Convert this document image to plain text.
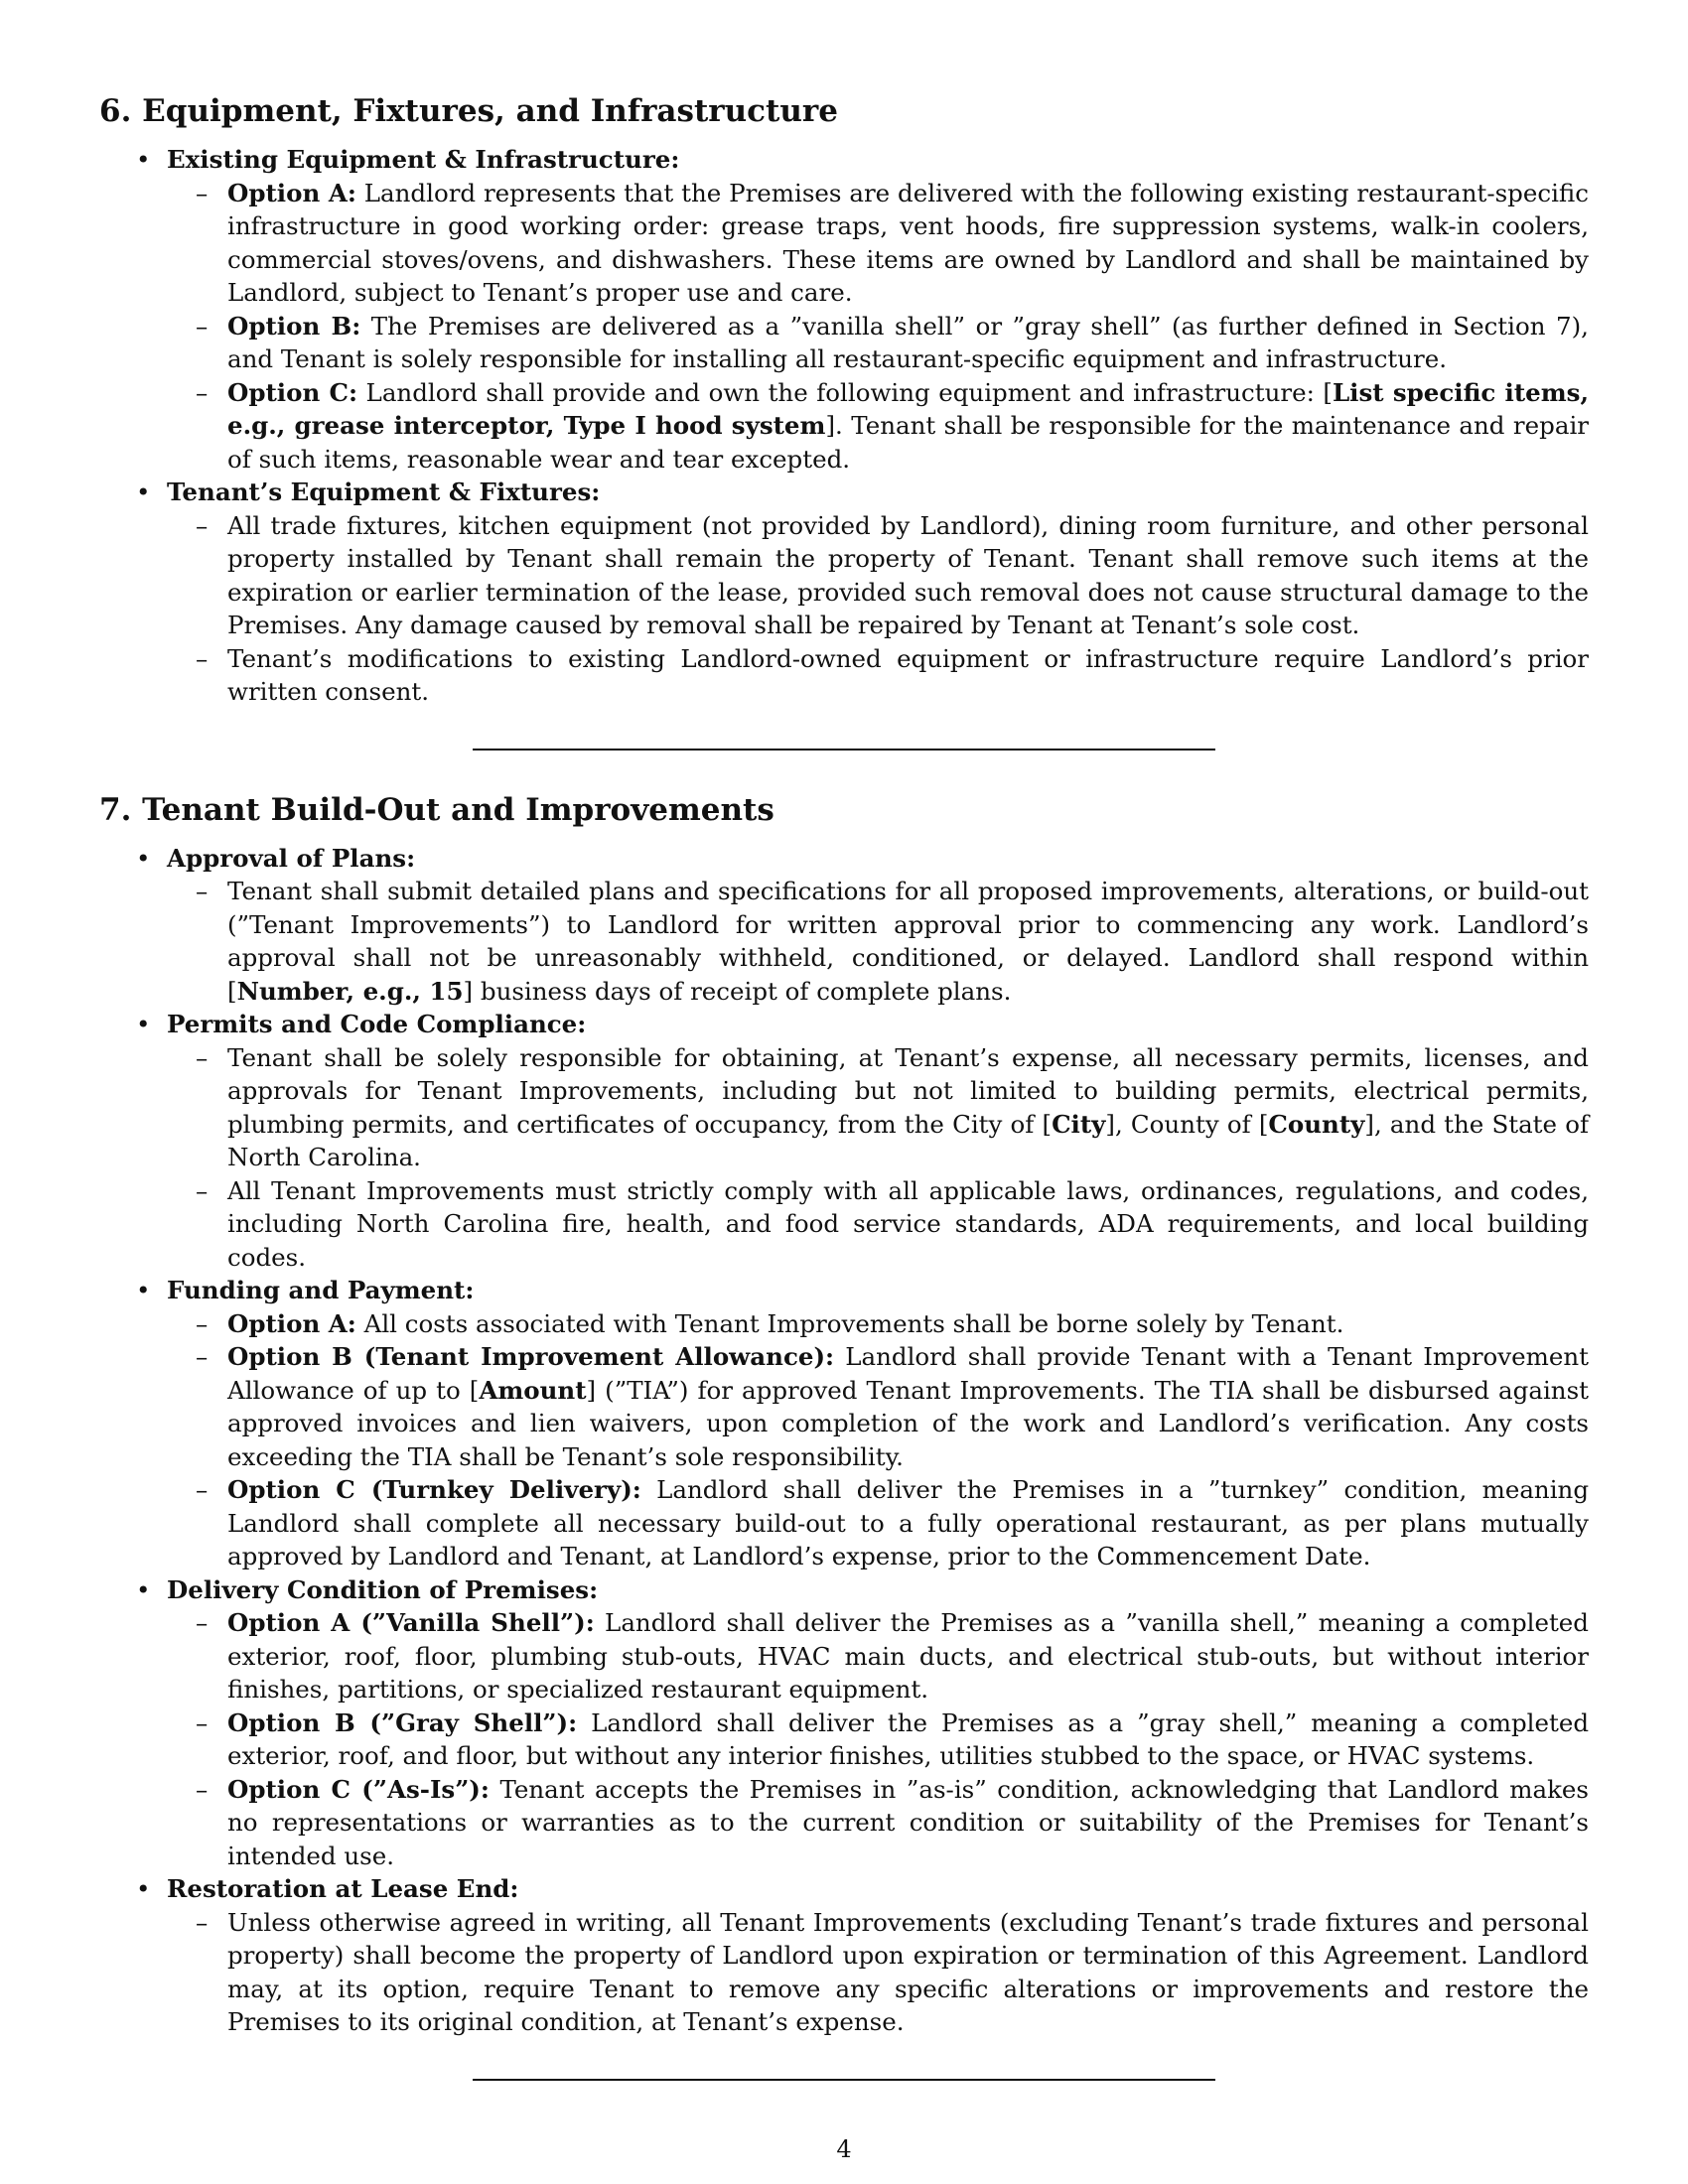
6. Equipment, Fixtures, and Infrastructure
• Existing Equipment & Infrastructure:
– Option A: Landlord represents that the Premises are delivered with the following existing restaurant-specific infrastructure in good working order: grease traps, vent hoods, fire suppression systems, walk-in coolers, commercial stoves/ovens, and dishwashers. These items are owned by Landlord and shall be maintained by Landlord, subject to Tenant’s proper use and care.
– Option B: The Premises are delivered as a ”vanilla shell” or ”gray shell” (as further defined in Section 7), and Tenant is solely responsible for installing all restaurant-specific equipment and infrastructure.
– Option C: Landlord shall provide and own the following equipment and infrastructure: [List specific items, e.g., grease interceptor, Type I hood system]. Tenant shall be responsible for the maintenance and repair of such items, reasonable wear and tear excepted.
• Tenant’s Equipment & Fixtures:
– All trade fixtures, kitchen equipment (not provided by Landlord), dining room furniture, and other personal property installed by Tenant shall remain the property of Tenant. Tenant shall remove such items at the expiration or earlier termination of the lease, provided such removal does not cause structural damage to the Premises. Any damage caused by removal shall be repaired by Tenant at Tenant’s sole cost.
– Tenant’s modifications to existing Landlord-owned equipment or infrastructure require Landlord’s prior written consent.
7. Tenant Build-Out and Improvements
• Approval of Plans:
– Tenant shall submit detailed plans and specifications for all proposed improvements, alterations, or build-out (”Tenant Improvements”) to Landlord for written approval prior to commencing any work. Landlord’s approval shall not be unreasonably withheld, conditioned, or delayed. Landlord shall respond within [Number, e.g., 15] business days of receipt of complete plans.
• Permits and Code Compliance:
– Tenant shall be solely responsible for obtaining, at Tenant’s expense, all necessary permits, licenses, and approvals for Tenant Improvements, including but not limited to building permits, electrical permits, plumbing permits, and certificates of occupancy, from the City of [City], County of [County], and the State of North Carolina.
– All Tenant Improvements must strictly comply with all applicable laws, ordinances, regulations, and codes, including North Carolina fire, health, and food service standards, ADA requirements, and local building codes.
• Funding and Payment:
– Option A: All costs associated with Tenant Improvements shall be borne solely by Tenant.
– Option B (Tenant Improvement Allowance): Landlord shall provide Tenant with a Tenant Improvement Allowance of up to [Amount] (”TIA”) for approved Tenant Improvements. The TIA shall be disbursed against approved invoices and lien waivers, upon completion of the work and Landlord’s verification. Any costs exceeding the TIA shall be Tenant’s sole responsibility.
– Option C (Turnkey Delivery): Landlord shall deliver the Premises in a ”turnkey” condition, meaning Landlord shall complete all necessary build-out to a fully operational restaurant, as per plans mutually approved by Landlord and Tenant, at Landlord’s expense, prior to the Commencement Date.
• Delivery Condition of Premises:
– Option A (”Vanilla Shell”): Landlord shall deliver the Premises as a ”vanilla shell,” meaning a completed exterior, roof, floor, plumbing stub-outs, HVAC main ducts, and electrical stub-outs, but without interior finishes, partitions, or specialized restaurant equipment.
– Option B (”Gray Shell”): Landlord shall deliver the Premises as a ”gray shell,” meaning a completed exterior, roof, and floor, but without any interior finishes, utilities stubbed to the space, or HVAC systems.
– Option C (”As-Is”): Tenant accepts the Premises in ”as-is” condition, acknowledging that Landlord makes no representations or warranties as to the current condition or suitability of the Premises for Tenant’s intended use.
• Restoration at Lease End:
– Unless otherwise agreed in writing, all Tenant Improvements (excluding Tenant’s trade fixtures and personal property) shall become the property of Landlord upon expiration or termination of this Agreement. Landlord may, at its option, require Tenant to remove any specific alterations or improvements and restore the Premises to its original condition, at Tenant’s expense.
4
